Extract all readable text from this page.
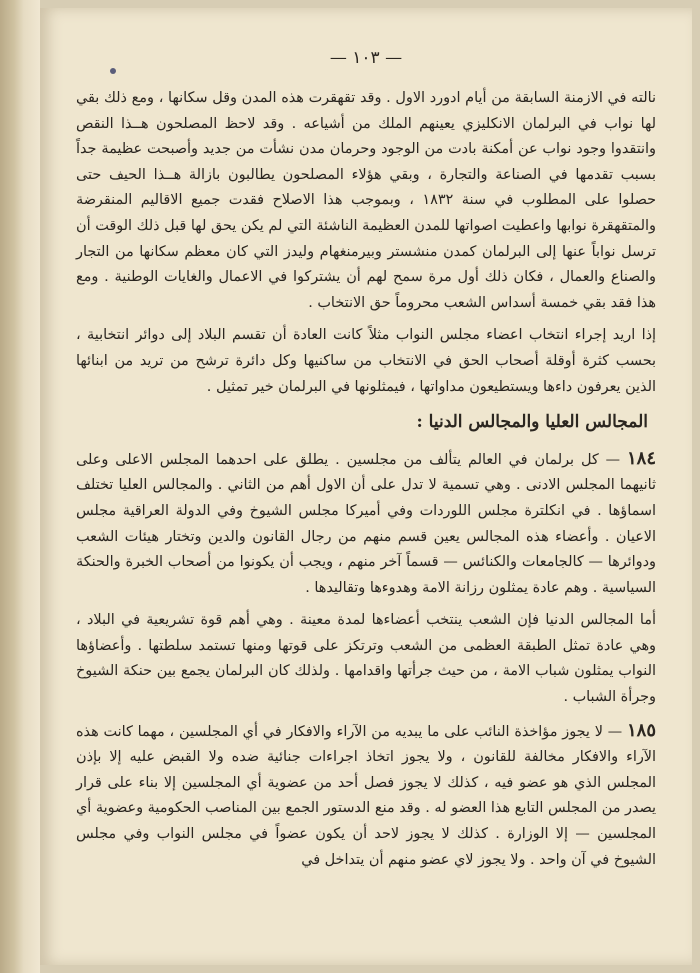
— ١٠٣ —

نالته في الازمنة السابقة من أيام ادورد الاول . وقد تقهقرت هذه المدن وقل سكانها ، ومع ذلك بقي لها نواب في البرلمان الانكليزي يعينهم الملك من أشياعه . وقد لاحظ المصلحون هــذا النقص وانتقدوا وجود نواب عن أمكنة بادت من الوجود وحرمان مدن نشأت من جديد وأصبحت عظيمة جداً بسبب تقدمها في الصناعة والتجارة ، وبقي هؤلاء المصلحون يطالبون بازالة هــذا الحيف حتى حصلوا على المطلوب في سنة ١٨٣٢ ، وبموجب هذا الاصلاح فقدت جميع الاقاليم المنقرضة والمتقهقرة نوابها واعطيت اصواتها للمدن العظيمة الناشئة التي لم يكن يحق لها قبل ذلك الوقت أن ترسل نواباً عنها إلى البرلمان كمدن منشستر وبيرمنغهام وليدز التي كان معظم سكانها من التجار والصناع والعمال ، فكان ذلك أول مرة سمح لهم أن يشتركوا في الاعمال والغايات الوطنية . ومع هذا فقد بقي خمسة أسداس الشعب محروماً حق الانتخاب .

إذا اريد إجراء انتخاب اعضاء مجلس النواب مثلاً كانت العادة أن تقسم البلاد إلى دوائر انتخابية ، بحسب كثرة أوقلة أصحاب الحق في الانتخاب من ساكنيها وكل دائرة ترشح من تريد من ابنائها الذين يعرفون داءها ويستطيعون مداواتها ، فيمثلونها في البرلمان خير تمثيل .

المجالس العليا والمجالس الدنيا :

١٨٤ — كل برلمان في العالم يتألف من مجلسين . يطلق على احدهما المجلس الاعلى وعلى ثانيهما المجلس الادنى . وهي تسمية لا تدل على أن الاول أهم من الثاني . والمجالس العليا تختلف اسماؤها . في انكلترة مجلس اللوردات وفي أميركا مجلس الشيوخ وفي الدولة العراقية مجلس الاعيان . وأعضاء هذه المجالس يعين قسم منهم من رجال القانون والدين وتختار هيئات الشعب ودوائرها — كالجامعات والكنائس — قسماً آخر منهم ، ويجب أن يكونوا من أصحاب الخبرة والحنكة السياسية . وهم عادة يمثلون رزانة الامة وهدوءها وتقاليدها .

أما المجالس الدنيا فإن الشعب ينتخب أعضاءها لمدة معينة . وهي أهم قوة تشريعية في البلاد ، وهي عادة تمثل الطبقة العظمى من الشعب وترتكز على قوتها ومنها تستمد سلطتها . وأعضاؤها النواب يمثلون شباب الامة ، من حيث جرأتها واقدامها . ولذلك كان البرلمان يجمع بين حنكة الشيوخ وجرأة الشباب .

١٨٥ — لا يجوز مؤاخذة النائب على ما يبديه من الآراء والافكار في أي المجلسين ، مهما كانت هذه الآراء والافكار مخالفة للقانون ، ولا يجوز اتخاذ اجراءات جنائية ضده ولا القبض عليه إلا بإذن المجلس الذي هو عضو فيه ، كذلك لا يجوز فصل أحد من عضوية أي المجلسين إلا بناء على قرار يصدر من المجلس التابع هذا العضو له . وقد منع الدستور الجمع بين المناصب الحكومية وعضوية أي المجلسين — إلا الوزارة . كذلك لا يجوز لاحد أن يكون عضواً في مجلس النواب وفي مجلس الشيوخ في آن واحد . ولا يجوز لاي عضو منهم أن يتداخل في
